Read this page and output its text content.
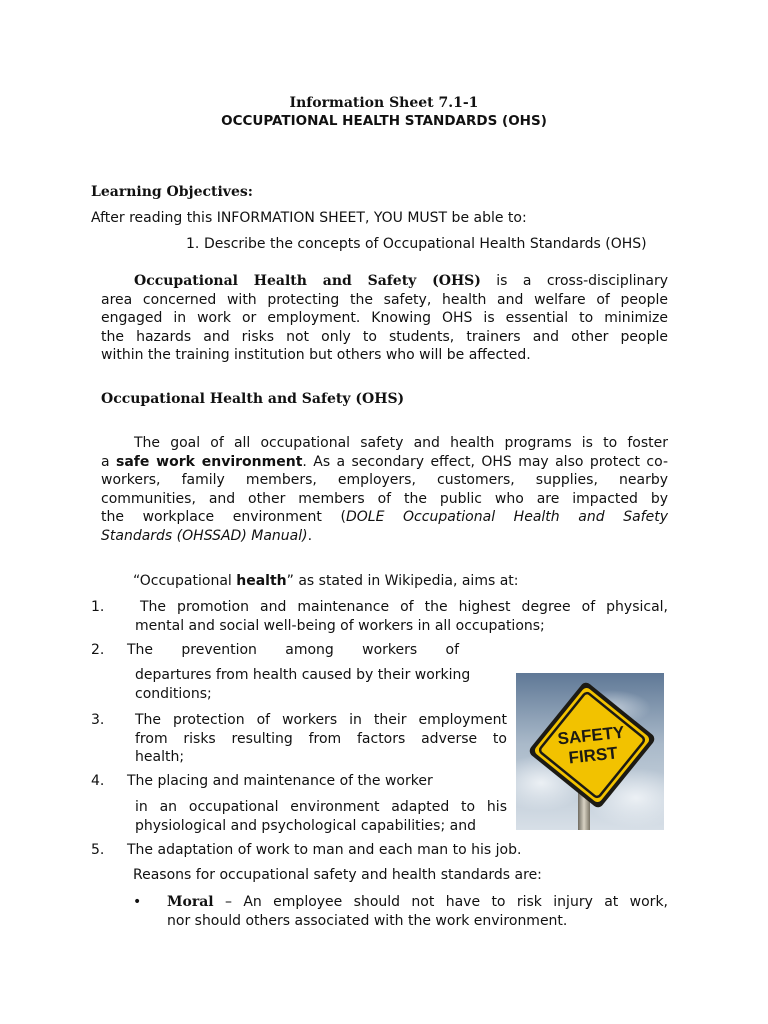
Information Sheet 7.1-1
OCCUPATIONAL HEALTH STANDARDS (OHS)
Learning Objectives:
After reading this INFORMATION SHEET, YOU MUST be able to:
1. Describe the concepts of Occupational Health Standards (OHS)
Occupational Health and Safety (OHS) is a cross-disciplinary
area concerned with protecting the safety, health and welfare of people
engaged in work or employment. Knowing OHS is essential to minimize
the hazards and risks not only to students, trainers and other people
within the training institution but others who will be affected.
Occupational Health and Safety (OHS)
The goal of all occupational safety and health programs is to foster
a safe work environment. As a secondary effect, OHS may also protect co-
workers, family members, employers, customers, supplies, nearby
communities, and other members of the public who are impacted by
the workplace environment (DOLE Occupational Health and Safety
Standards (OHSSAD) Manual).
“Occupational health” as stated in Wikipedia, aims at:
1.	The promotion and maintenance of the highest degree of physical,
mental and social well-being of workers in all occupations;
2. The prevention among workers of
departures from health caused by their working
conditions;
3. The protection of workers in their employment
from risks resulting from factors adverse to
health;
4. The placing and maintenance of the worker
in an occupational environment adapted to his
physiological and psychological capabilities; and
5. The adaptation of work to man and each man to his job.
Reasons for occupational safety and health standards are:
• Moral – An employee should not have to risk injury at work,
nor should others associated with the work environment.
SAFETY
FIRST
